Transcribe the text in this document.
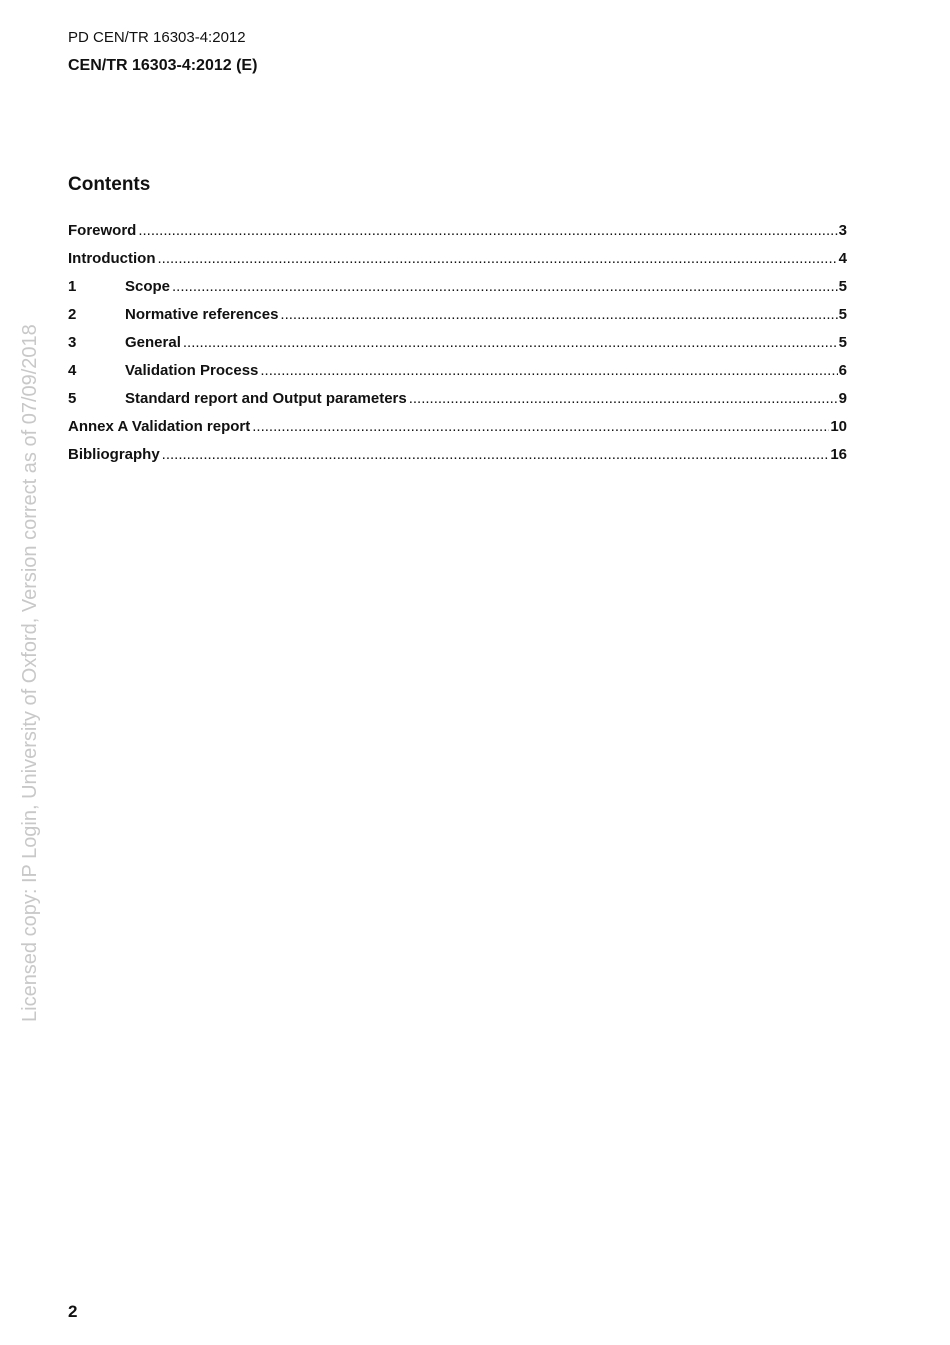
PD CEN/TR 16303-4:2012
CEN/TR 16303-4:2012 (E)
Contents
Foreword .....	3
Introduction .....	4
1	Scope .....	5
2	Normative references .....	5
3	General .....	5
4	Validation Process .....	6
5	Standard report and Output parameters .....	9
Annex A Validation report .....	10
Bibliography .....	16
Licensed copy: IP Login, University of Oxford, Version correct as of 07/09/2018
2
